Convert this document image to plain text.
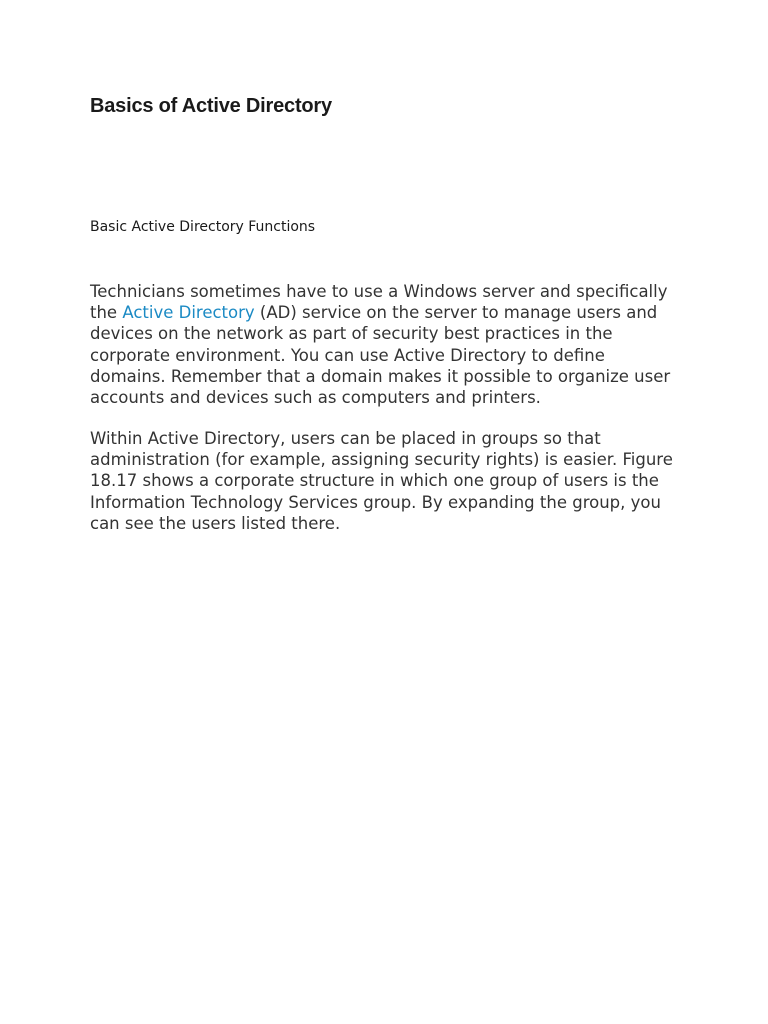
Basics of Active Directory
Basic Active Directory Functions

Technicians sometimes have to use a Windows server and specifically the Active Directory (AD) service on the server to manage users and devices on the network as part of security best practices in the corporate environment. You can use Active Directory to define domains. Remember that a domain makes it possible to organize user accounts and devices such as computers and printers.

Within Active Directory, users can be placed in groups so that administration (for example, assigning security rights) is easier. Figure 18.17 shows a corporate structure in which one group of users is the Information Technology Services group. By expanding the group, you can see the users listed there.
